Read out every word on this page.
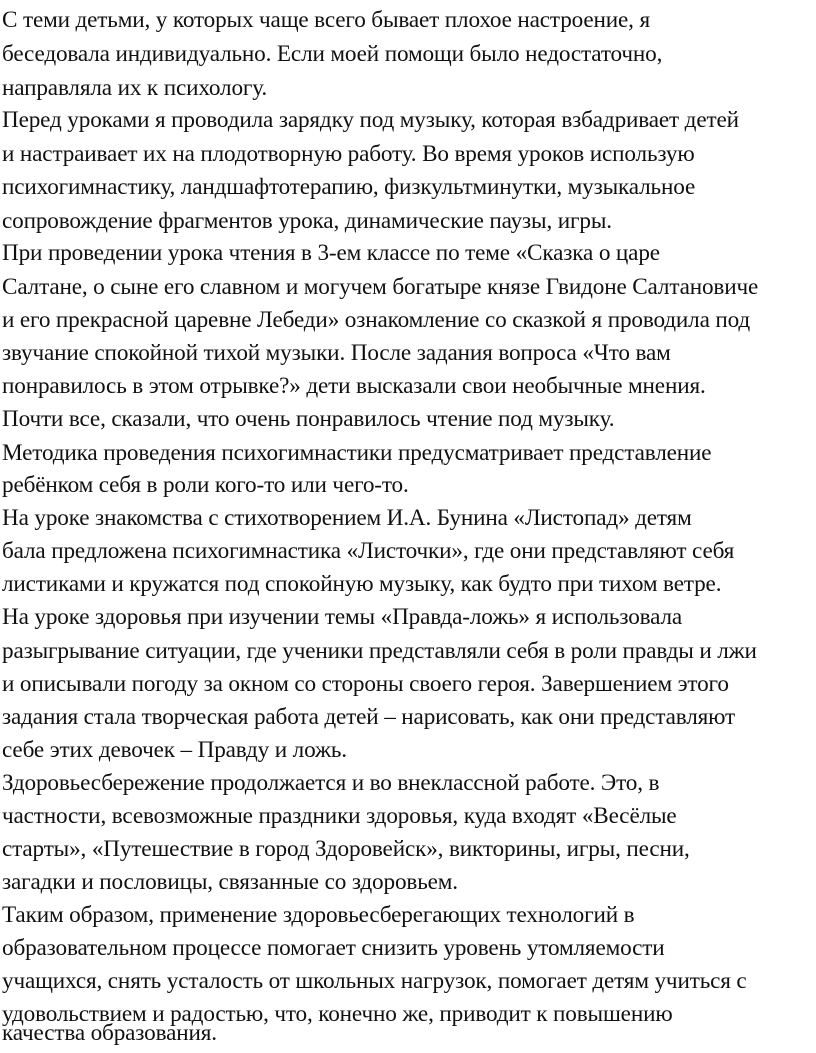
С теми детьми, у которых чаще всего бывает плохое настроение, я
беседовала индивидуально. Если моей помощи было недостаточно,
направляла их к психологу.
Перед уроками я проводила зарядку под музыку, которая взбадривает детей
и настраивает их на плодотворную работу. Во время уроков использую
психогимнастику, ландшафтотерапию, физкультминутки, музыкальное
сопровождение фрагментов урока, динамические паузы, игры.
При проведении урока чтения в 3-ем классе по теме «Сказка о царе
Салтане, о сыне его славном и могучем богатыре князе Гвидоне Салтановиче
и его прекрасной царевне Лебеди» ознакомление со сказкой я проводила под
звучание спокойной тихой музыки. После задания вопроса «Что вам
понравилось в этом отрывке?» дети высказали свои необычные мнения.
Почти все, сказали, что очень понравилось чтение под музыку.
Методика проведения психогимнастики предусматривает представление
ребёнком себя в роли кого-то или чего-то.
На уроке знакомства с стихотворением И.А. Бунина «Листопад» детям
бала предложена психогимнастика «Листочки», где они представляют себя
листиками и кружатся под спокойную музыку, как будто при тихом ветре.
На уроке здоровья при изучении темы «Правда-ложь» я использовала
разыгрывание ситуации, где ученики представляли себя в роли правды и лжи
и описывали погоду за окном со стороны своего героя. Завершением этого
задания стала творческая работа детей – нарисовать, как они представляют
себе этих девочек – Правду и ложь.
Здоровьесбережение продолжается и во внеклассной работе. Это, в
частности, всевозможные праздники здоровья, куда входят «Весёлые
старты», «Путешествие в город Здоровейск», викторины, игры, песни,
загадки и пословицы, связанные со здоровьем.
Таким образом, применение здоровьесберегающих технологий в
образовательном процессе помогает снизить уровень утомляемости
учащихся, снять усталость от школьных нагрузок, помогает детям учиться с
удовольствием и радостью, что, конечно же, приводит к повышению
качества образования.
